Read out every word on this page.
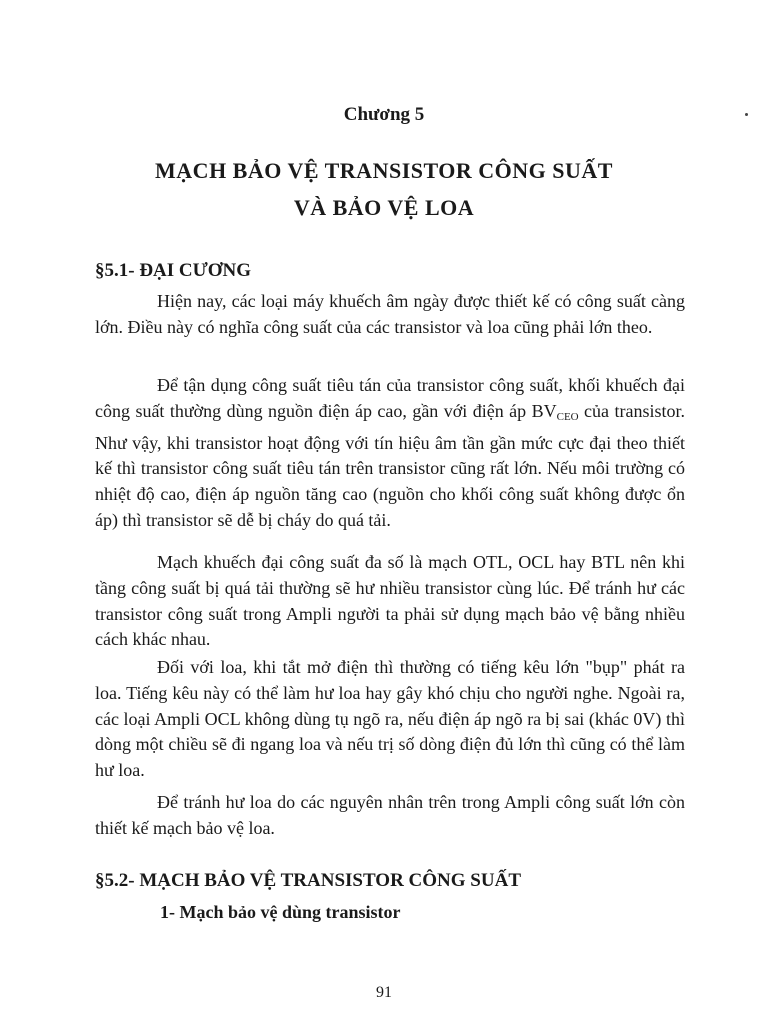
Chương 5
MẠCH BẢO VỆ TRANSISTOR CÔNG SUẤT
VÀ BẢO VỆ LOA
§5.1- ĐẠI CƯƠNG

Hiện nay, các loại máy khuếch âm ngày được thiết kế có công suất càng lớn. Điều này có nghĩa công suất của các transistor và loa cũng phải lớn theo.

Để tận dụng công suất tiêu tán của transistor công suất, khối khuếch đại công suất thường dùng nguồn điện áp cao, gần với điện áp $BV_{CEO}$ của transistor. Như vậy, khi transistor hoạt động với tín hiệu âm tần gần mức cực đại theo thiết kế thì transistor công suất tiêu tán trên transistor cũng rất lớn. Nếu môi trường có nhiệt độ cao, điện áp nguồn tăng cao (nguồn cho khối công suất không được ổn áp) thì transistor sẽ dễ bị cháy do quá tải.

Mạch khuếch đại công suất đa số là mạch OTL, OCL hay BTL nên khi tầng công suất bị quá tải thường sẽ hư nhiều transistor cùng lúc. Để tránh hư các transistor công suất trong Ampli người ta phải sử dụng mạch bảo vệ bằng nhiều cách khác nhau.

Đối với loa, khi tắt mở điện thì thường có tiếng kêu lớn "bụp" phát ra loa. Tiếng kêu này có thể làm hư loa hay gây khó chịu cho người nghe. Ngoài ra, các loại Ampli OCL không dùng tụ ngõ ra, nếu điện áp ngõ ra bị sai (khác 0V) thì dòng một chiều sẽ đi ngang loa và nếu trị số dòng điện đủ lớn thì cũng có thể làm hư loa.

Để tránh hư loa do các nguyên nhân trên trong Ampli công suất lớn còn thiết kế mạch bảo vệ loa.

§5.2- MẠCH BẢO VỆ TRANSISTOR CÔNG SUẤT
1- Mạch bảo vệ dùng transistor
91
